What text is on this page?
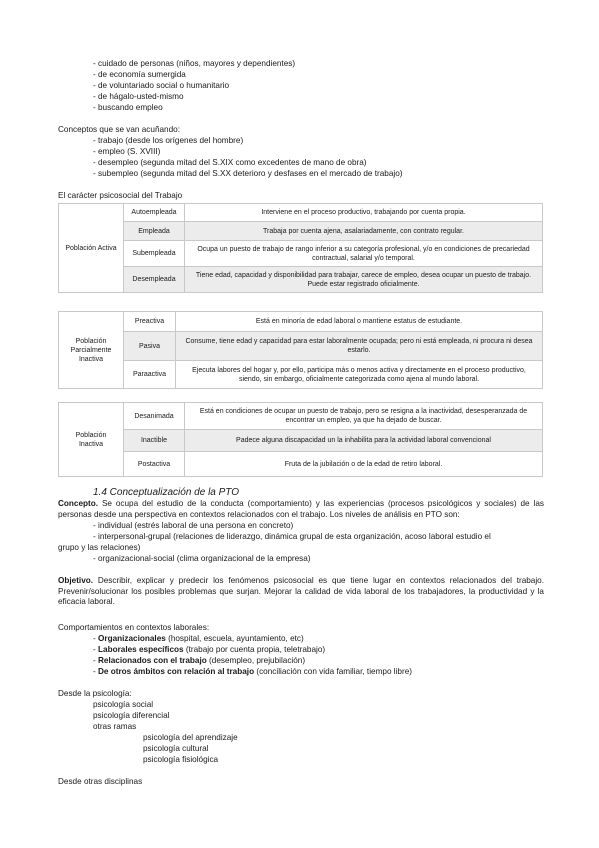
- cuidado de personas (niños, mayores y dependientes)
- de economía sumergida
- de voluntariado social o humanitario
- de hágalo-usted-mismo
- buscando empleo
Conceptos que se van acuñando:
- trabajo (desde los orígenes del hombre)
- empleo (S. XVIII)
- desempleo (segunda mitad del S.XIX como excedentes de mano de obra)
- subempleo (segunda mitad del S.XX deterioro y desfases en el mercado de trabajo)
El carácter psicosocial del Trabajo
Población Activa	Autoempleada	Interviene en el proceso productivo, trabajando por cuenta propia.
	Empleada	Trabaja por cuenta ajena, asalariadamente, con contrato regular.
	Subempleada	Ocupa un puesto de trabajo de rango inferior a su categoría profesional, y/o en condiciones de precariedad contractual, salarial y/o temporal.
	Desempleada	Tiene edad, capacidad y disponibilidad para trabajar, carece de empleo, desea ocupar un puesto de trabajo. Puede estar registrado oficialmente.
Población Parcialmente Inactiva	Preactiva	Está en minoría de edad laboral o mantiene estatus de estudiante.
	Pasiva	Consume, tiene edad y capacidad para estar laboralmente ocupada; pero ni está empleada, ni procura ni desea estarlo.
	Paraactiva	Ejecuta labores del hogar y, por ello, participa más o menos activa y directamente en el proceso productivo, siendo, sin embargo, oficialmente categorizada como ajena al mundo laboral.
Población Inactiva	Desanimada	Está en condiciones de ocupar un puesto de trabajo, pero se resigna a la inactividad, desesperanzada de encontrar un empleo, ya que ha dejado de buscar.
	Inactible	Padece alguna discapacidad un la inhabilita para la actividad laboral convencional
	Postactiva	Fruta de la jubilación o de la edad de retiro laboral.
1.4 Conceptualización de la PTO
Concepto. Se ocupa del estudio de la conducta (comportamiento) y las experiencias (procesos psicológicos y sociales) de las personas desde una perspectiva en contextos relacionados con el trabajo. Los niveles de análisis en PTO son:
- individual (estrés laboral de una persona en concreto)
- interpersonal-grupal (relaciones de liderazgo, dinámica grupal de esta organización, acoso laboral estudio el
grupo y las relaciones)
- organizacional-social (clima organizacional de la empresa)
Objetivo. Describir, explicar y predecir los fenómenos psicosocial es que tiene lugar en contextos relacionados del trabajo. Prevenir/solucionar los posibles problemas que surjan. Mejorar la calidad de vida laboral de los trabajadores, la productividad y la eficacia laboral.
Comportamientos en contextos laborales:
- Organizacionales (hospital, escuela, ayuntamiento, etc)
- Laborales específicos (trabajo por cuenta propia, teletrabajo)
- Relacionados con el trabajo (desempleo, prejubilación)
- De otros ámbitos con relación al trabajo (conciliación con vida familiar, tiempo libre)
Desde la psicología:
psicología social
psicología diferencial
otras ramas
psicología del aprendizaje
psicología cultural
psicología fisiológica
Desde otras disciplinas
